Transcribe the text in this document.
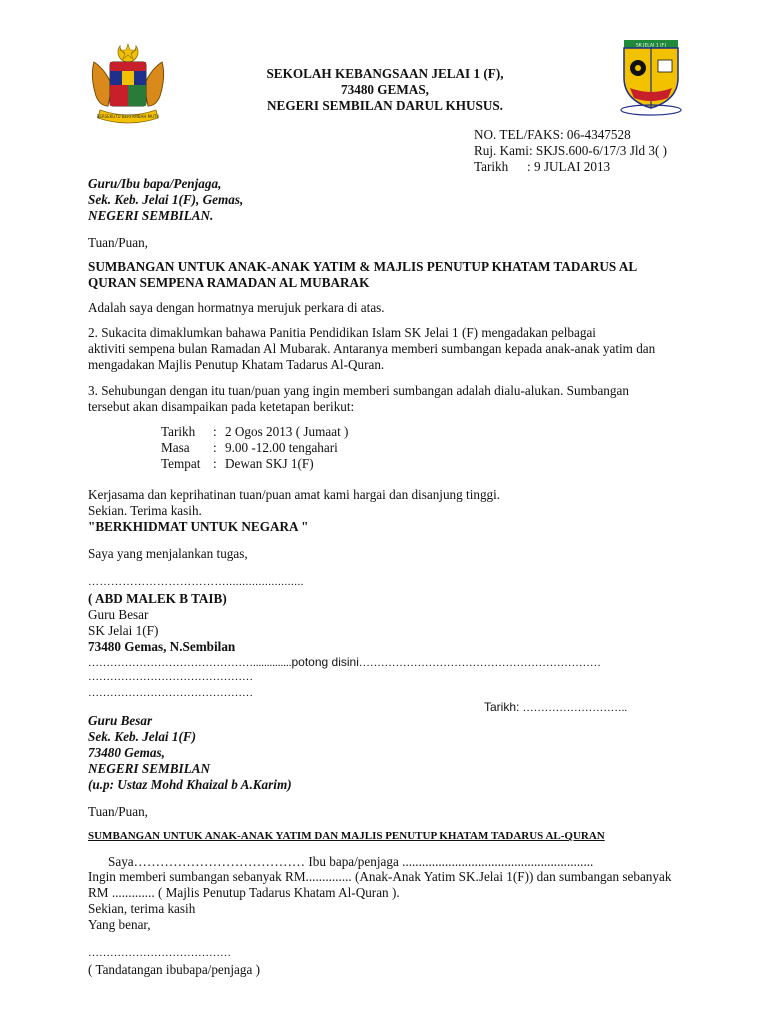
BERSEKUTU BERTAMBAH MUTU
SEKOLAH KEBANGSAAN JELAI 1 (F),
73480 GEMAS,
NEGERI SEMBILAN DARUL KHUSUS.
SK JELAI 1 (F)
NO. TEL/FAKS: 06-4347528
Ruj. Kami: SKJS.600-6/17/3 Jld 3( )
Tarikh : 9 JULAI 2013
Guru/Ibu bapa/Penjaga,
Sek. Keb. Jelai 1(F), Gemas,
NEGERI SEMBILAN.
Tuan/Puan,
SUMBANGAN UNTUK ANAK-ANAK YATIM & MAJLIS PENUTUP KHATAM TADARUS AL
QURAN SEMPENA RAMADAN AL MUBARAK
Adalah saya dengan hormatnya merujuk perkara di atas.
2. Sukacita dimaklumkan bahawa Panitia Pendidikan Islam SK Jelai 1 (F) mengadakan pelbagai
aktiviti sempena bulan Ramadan Al Mubarak. Antaranya memberi sumbangan kepada anak-anak yatim dan
mengadakan Majlis Penutup Khatam Tadarus Al-Quran.
3. Sehubungan dengan itu tuan/puan yang ingin memberi sumbangan adalah dialu-alukan. Sumbangan
tersebut akan disampaikan pada ketetapan berikut:
Tarikh	: 2 Ogos 2013 ( Jumaat )
Masa	: 9.00 -12.00 tengahari
Tempat : Dewan SKJ 1(F)
Kerjasama dan keprihatinan tuan/puan amat kami hargai dan disanjung tinggi.
Sekian. Terima kasih.
"BERKHIDMAT UNTUK NEGARA "
Saya yang menjalankan tugas,
………………………………........................
( ABD MALEK B TAIB)
Guru Besar
SK Jelai 1(F)
73480 Gemas, N.Sembilan
………………………………………..............potong disini…………………………………………………………
………………………………………
………………………………………
Tarikh: ………………………..
Guru Besar
Sek. Keb. Jelai 1(F)
73480 Gemas,
NEGERI SEMBILAN
(u.p: Ustaz Mohd Khaizal b A.Karim)
Tuan/Puan,
SUMBANGAN UNTUK ANAK-ANAK YATIM DAN MAJLIS PENUTUP KHATAM TADARUS AL-QURAN
Saya………………………………… Ibu bapa/penjaga ..........................................................
Ingin memberi sumbangan sebanyak RM.............. (Anak-Anak Yatim SK.Jelai 1(F)) dan sumbangan sebanyak
RM ............. ( Majlis Penutup Tadarus Khatam Al-Quran ).
Sekian, terima kasih
Yang benar,
…………………………………
( Tandatangan ibubapa/penjaga )
